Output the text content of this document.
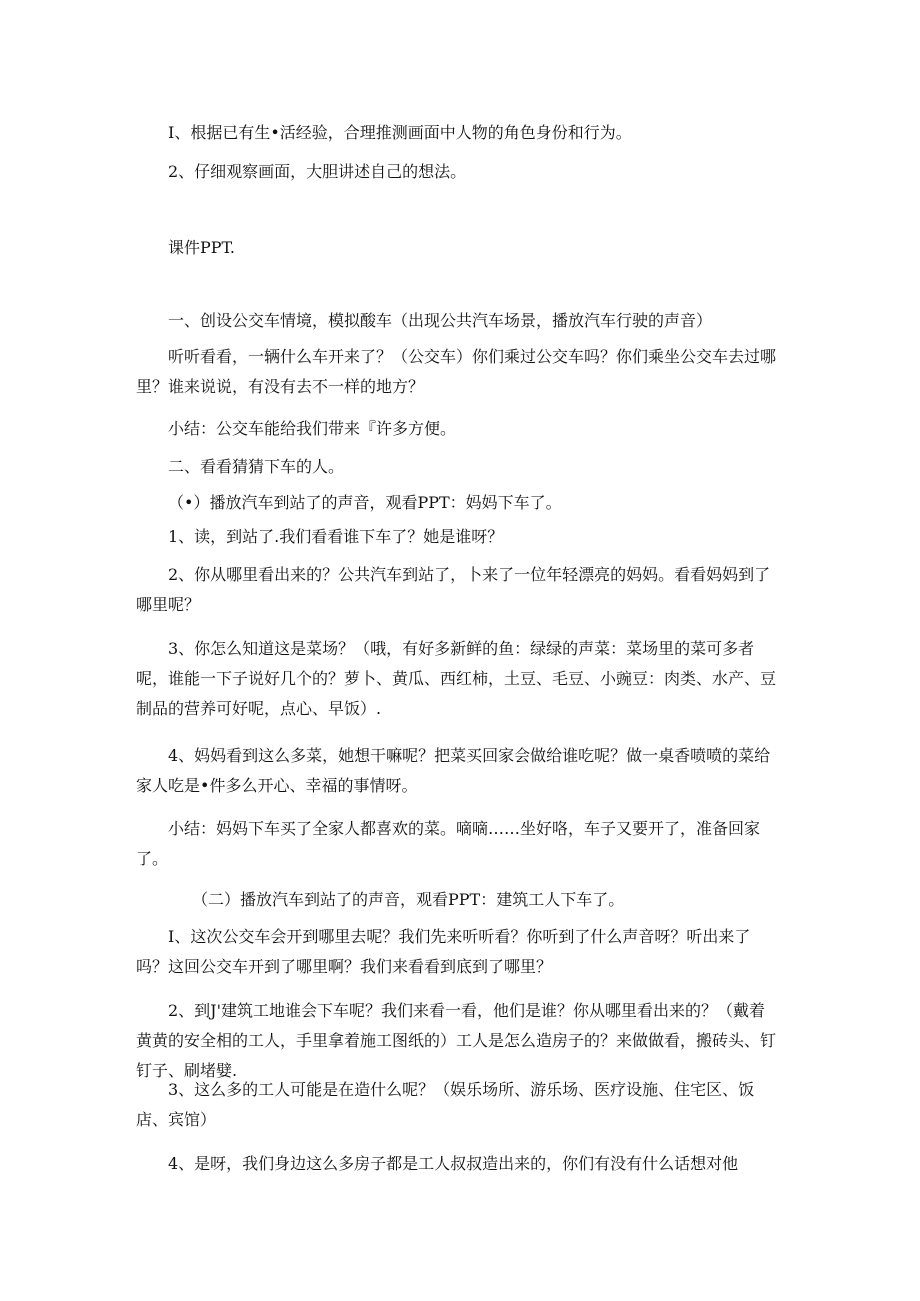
I、根据已有生•活经验，合理推测画面中人物的角色身份和行为。

2、仔细观察画面，大胆讲述自己的想法。

课件PPT.

一、创设公交车情境，模拟酸车（出现公共汽车场景，播放汽车行驶的声音）

听听看看，一辆什么车开来了？（公交车）你们乘过公交车吗？你们乘坐公交车去过哪里？谁来说说，有没有去不一样的地方？

小结：公交车能给我们带来『许多方便。

二、看看猜猜下车的人。

（•）播放汽车到站了的声音，观看PPT：妈妈下车了。

1、读，到站了.我们看看谁下车了？她是谁呀？

2、你从哪里看出来的？公共汽车到站了，卜来了一位年轻漂亮的妈妈。看看妈妈到了哪里呢？

3、你怎么知道这是菜场？（哦，有好多新鲜的鱼：绿绿的声菜：菜场里的菜可多者呢，谁能一下子说好几个的？萝卜、黄瓜、西红柿，土豆、毛豆、小豌豆：肉类、水产、豆制品的营养可好呢，点心、早饭）.

4、妈妈看到这么多菜，她想干嘛呢？把菜买回家会做给谁吃呢？做一桌香喷喷的菜给家人吃是•件多么开心、幸福的事情呀。

小结：妈妈下车买了全家人都喜欢的菜。嘀嘀……坐好咯，车子又要开了，准备回家了。

（二）播放汽车到站了的声音，观看PPT：建筑工人下车了。

I、这次公交车会开到哪里去呢？我们先来听听看？你听到了什么声音呀？听出来了吗？这回公交车开到了哪里啊？我们来看看到底到了哪里？

2、到J'建筑工地谁会下车呢？我们来看一看，他们是谁？你从哪里看出来的？（戴着黄黄的安全相的工人，手里拿着施工图纸的）工人是怎么造房子的？来做做看，搬砖头、钉钉子、刷堵嬖.

3、这么多的工人可能是在造什么呢？（娱乐场所、游乐场、医疗设施、住宅区、饭店、宾馆）

4、是呀，我们身边这么多房子都是工人叔叔造出来的，你们有没有什么话想对他
